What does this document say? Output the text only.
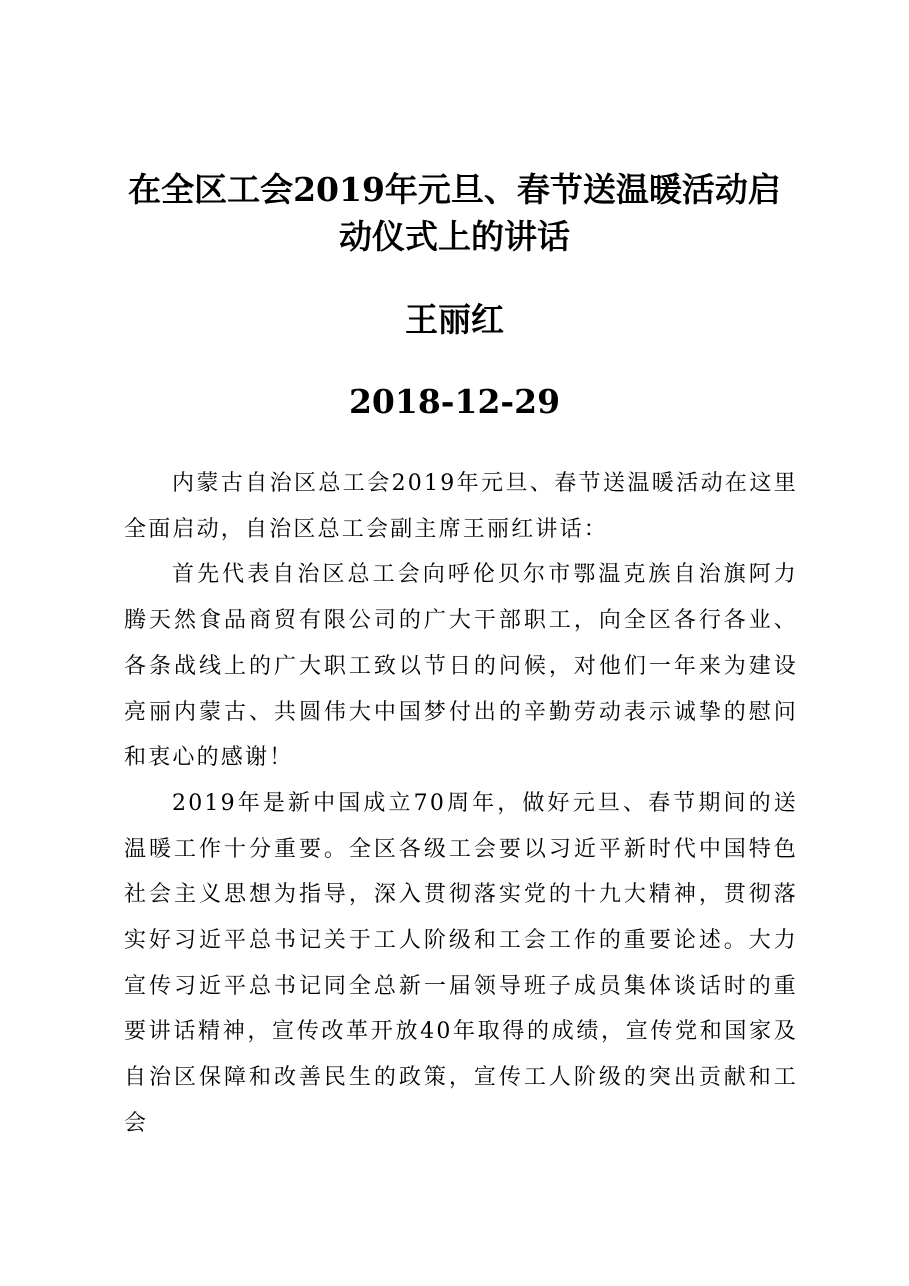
在全区工会2019年元旦、春节送温暖活动启动仪式上的讲话
王丽红
2018-12-29

内蒙古自治区总工会2019年元旦、春节送温暖活动在这里全面启动，自治区总工会副主席王丽红讲话：

首先代表自治区总工会向呼伦贝尔市鄂温克族自治旗阿力腾天然食品商贸有限公司的广大干部职工，向全区各行各业、各条战线上的广大职工致以节日的问候，对他们一年来为建设亮丽内蒙古、共圆伟大中国梦付出的辛勤劳动表示诚挚的慰问和衷心的感谢！

2019年是新中国成立70周年，做好元旦、春节期间的送温暖工作十分重要。全区各级工会要以习近平新时代中国特色社会主义思想为指导，深入贯彻落实党的十九大精神，贯彻落实好习近平总书记关于工人阶级和工会工作的重要论述。大力宣传习近平总书记同全总新一届领导班子成员集体谈话时的重要讲话精神，宣传改革开放40年取得的成绩，宣传党和国家及自治区保障和改善民生的政策，宣传工人阶级的突出贡献和工会
